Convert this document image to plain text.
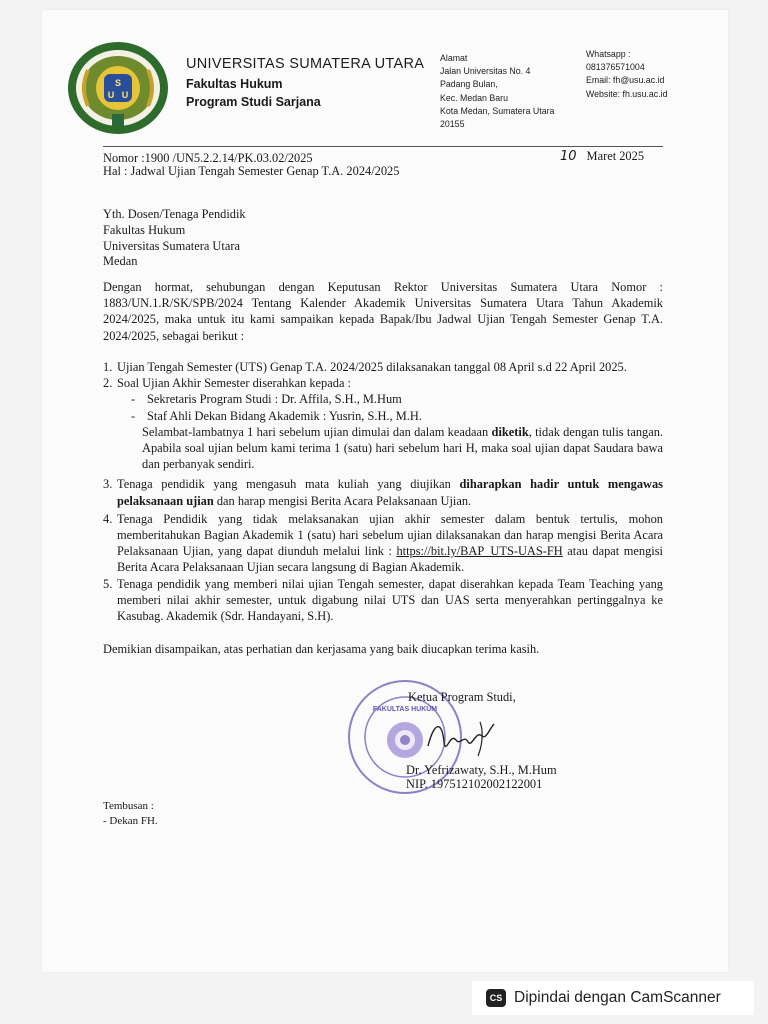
S
U U
UNIVERSITAS SUMATERA UTARA
Fakultas Hukum
Program Studi Sarjana
Alamat
Jalan Universitas No. 4
Padang Bulan,
Kec. Medan Baru
Kota Medan, Sumatera Utara
20155
Whatsapp :
081376571004
Email: fh@usu.ac.id
Website: fh.usu.ac.id
Nomor :1900 /UN5.2.2.14/PK.03.02/2025
Hal : Jadwal Ujian Tengah Semester Genap T.A. 2024/2025
10 Maret 2025
Yth. Dosen/Tenaga Pendidik
Fakultas Hukum
Universitas Sumatera Utara
Medan
Dengan hormat, sehubungan dengan Keputusan Rektor Universitas Sumatera Utara Nomor : 1883/UN.1.R/SK/SPB/2024 Tentang Kalender Akademik Universitas Sumatera Utara Tahun Akademik 2024/2025, maka untuk itu kami sampaikan kepada Bapak/Ibu Jadwal Ujian Tengah Semester Genap T.A. 2024/2025, sebagai berikut :
1. Ujian Tengah Semester (UTS) Genap T.A. 2024/2025 dilaksanakan tanggal 08 April s.d 22 April 2025.
2. Soal Ujian Akhir Semester diserahkan kepada :
- Sekretaris Program Studi : Dr. Affila, S.H., M.Hum
- Staf Ahli Dekan Bidang Akademik : Yusrin, S.H., M.H.
Selambat-lambatnya 1 hari sebelum ujian dimulai dan dalam keadaan diketik, tidak dengan tulis tangan. Apabila soal ujian belum kami terima 1 (satu) hari sebelum hari H, maka soal ujian dapat Saudara bawa dan perbanyak sendiri.
3. Tenaga pendidik yang mengasuh mata kuliah yang diujikan diharapkan hadir untuk mengawas pelaksanaan ujian dan harap mengisi Berita Acara Pelaksanaan Ujian.
4. Tenaga Pendidik yang tidak melaksanakan ujian akhir semester dalam bentuk tertulis, mohon memberitahukan Bagian Akademik 1 (satu) hari sebelum ujian dilaksanakan dan harap mengisi Berita Acara Pelaksanaan Ujian, yang dapat diunduh melalui link : https://bit.ly/BAP_UTS-UAS-FH atau dapat mengisi Berita Acara Pelaksanaan Ujian secara langsung di Bagian Akademik.
5. Tenaga pendidik yang memberi nilai ujian Tengah semester, dapat diserahkan kepada Team Teaching yang memberi nilai akhir semester, untuk digabung nilai UTS dan UAS serta menyerahkan pertinggalnya ke Kasubag. Akademik (Sdr. Handayani, S.H).
Demikian disampaikan, atas perhatian dan kerjasama yang baik diucapkan terima kasih.
FAKULTAS HUKUM
Ketua Program Studi,
Dr. Yefrizawaty, S.H., M.Hum
NIP. 197512102002122001
Tembusan :
- Dekan FH.
CS Dipindai dengan CamScanner
